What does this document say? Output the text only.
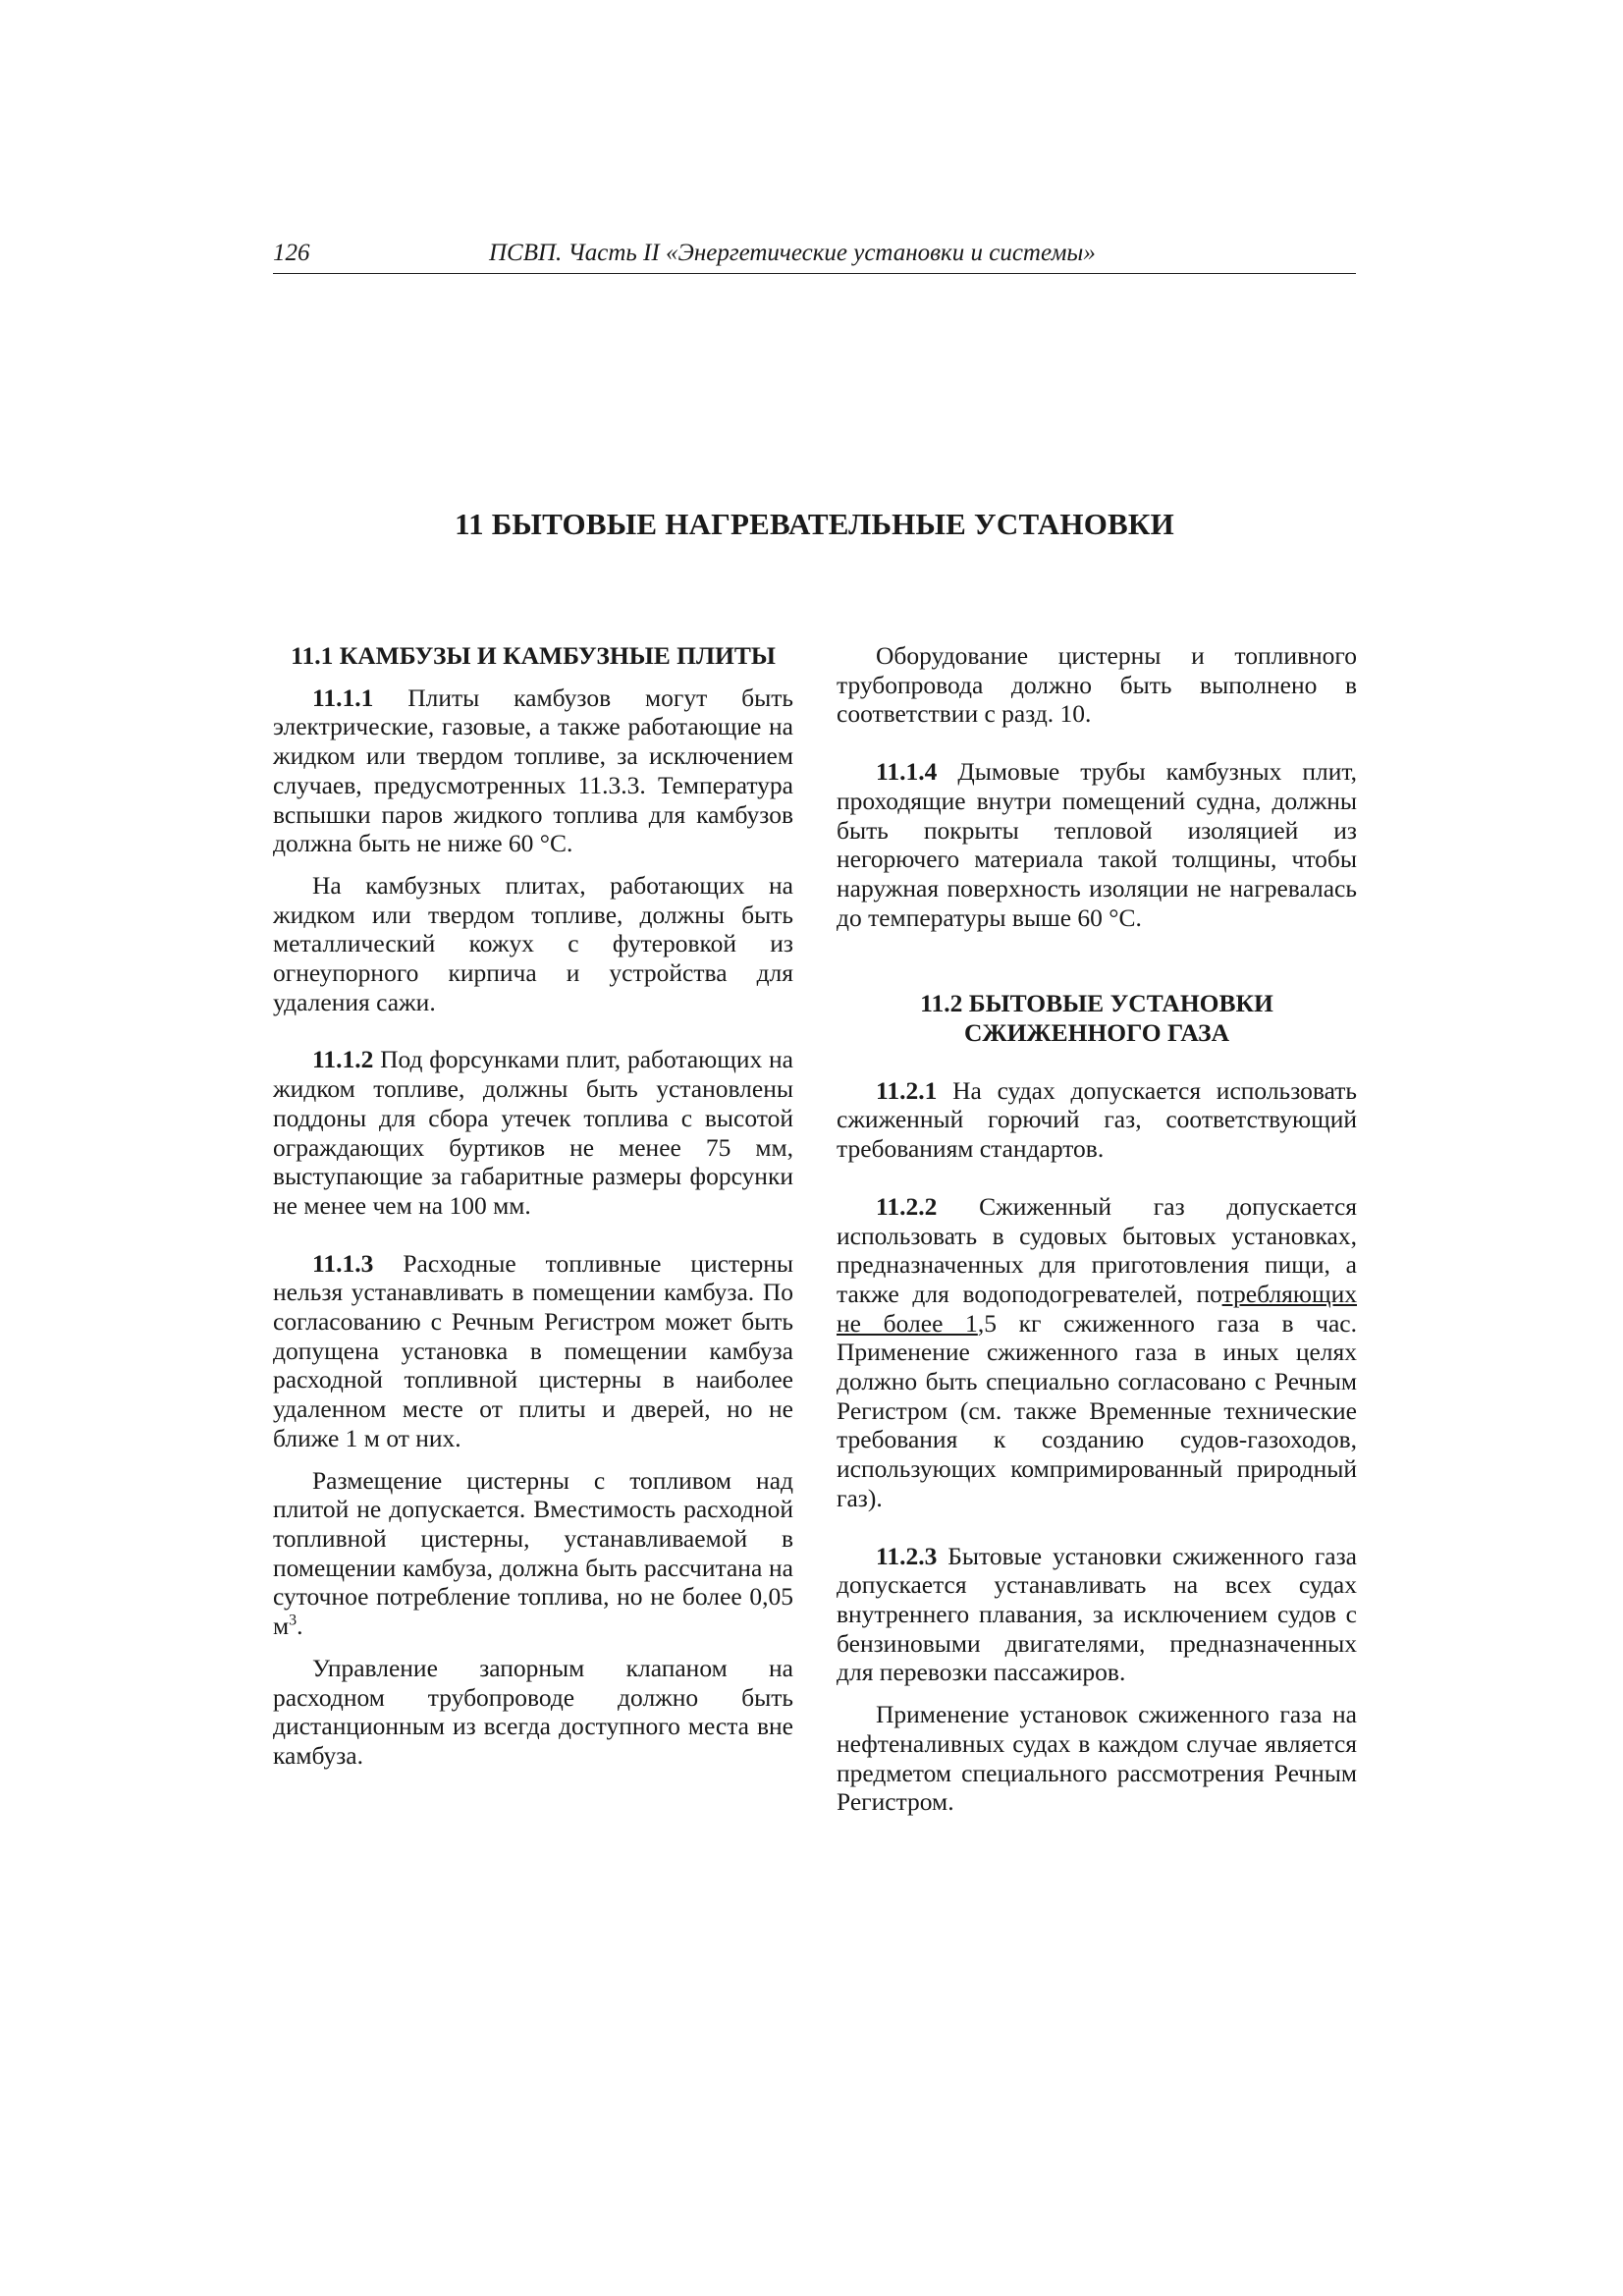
126	ПСВП. Часть II «Энергетические установки и системы»
11 БЫТОВЫЕ НАГРЕВАТЕЛЬНЫЕ УСТАНОВКИ

11.1 КАМБУЗЫ И КАМБУЗНЫЕ ПЛИТЫ

11.1.1 Плиты камбузов могут быть электрические, газовые, а также работающие на жидком или твердом топливе, за исключением случаев, предусмотренных 11.3.3. Температура вспышки паров жидкого топлива для камбузов должна быть не ниже 60 °С.

На камбузных плитах, работающих на жидком или твердом топливе, должны быть металлический кожух с футеровкой из огнеупорного кирпича и устройства для удаления сажи.

11.1.2 Под форсунками плит, работающих на жидком топливе, должны быть установлены поддоны для сбора утечек топлива с высотой ограждающих буртиков не менее 75 мм, выступающие за габаритные размеры форсунки не менее чем на 100 мм.

11.1.3 Расходные топливные цистерны нельзя устанавливать в помещении камбуза. По согласованию с Речным Регистром может быть допущена установка в помещении камбуза расходной топливной цистерны в наиболее удаленном месте от плиты и дверей, но не ближе 1 м от них.

Размещение цистерны с топливом над плитой не допускается. Вместимость расходной топливной цистерны, устанавливаемой в помещении камбуза, должна быть рассчитана на суточное потребление топлива, но не более 0,05 $м^3$.

Управление запорным клапаном на расходном трубопроводе должно быть дистанционным из всегда доступного места вне камбуза.

Оборудование цистерны и топливного трубопровода должно быть выполнено в соответствии с разд. 10.

11.1.4 Дымовые трубы камбузных плит, проходящие внутри помещений судна, должны быть покрыты тепловой изоляцией из негорючего материала такой толщины, чтобы наружная поверхность изоляции не нагревалась до температуры выше 60 °С.

11.2 БЫТОВЫЕ УСТАНОВКИ СЖИЖЕННОГО ГАЗА

11.2.1 На судах допускается использовать сжиженный горючий газ, соответствующий требованиям стандартов.

11.2.2 Сжиженный газ допускается использовать в судовых бытовых установках, предназначенных для приготовления пищи, а также для водоподогревателей, потребляющих не более 1,5 кг сжиженного газа в час. Применение сжиженного газа в иных целях должно быть специально согласовано с Речным Регистром (см. также Временные технические требования к созданию судов-газоходов, использующих компримированный природный газ).

11.2.3 Бытовые установки сжиженного газа допускается устанавливать на всех судах внутреннего плавания, за исключением судов с бензиновыми двигателями, предназначенных для перевозки пассажиров.

Применение установок сжиженного газа на нефтеналивных судах в каждом случае является предметом специального рассмотрения Речным Регистром.
